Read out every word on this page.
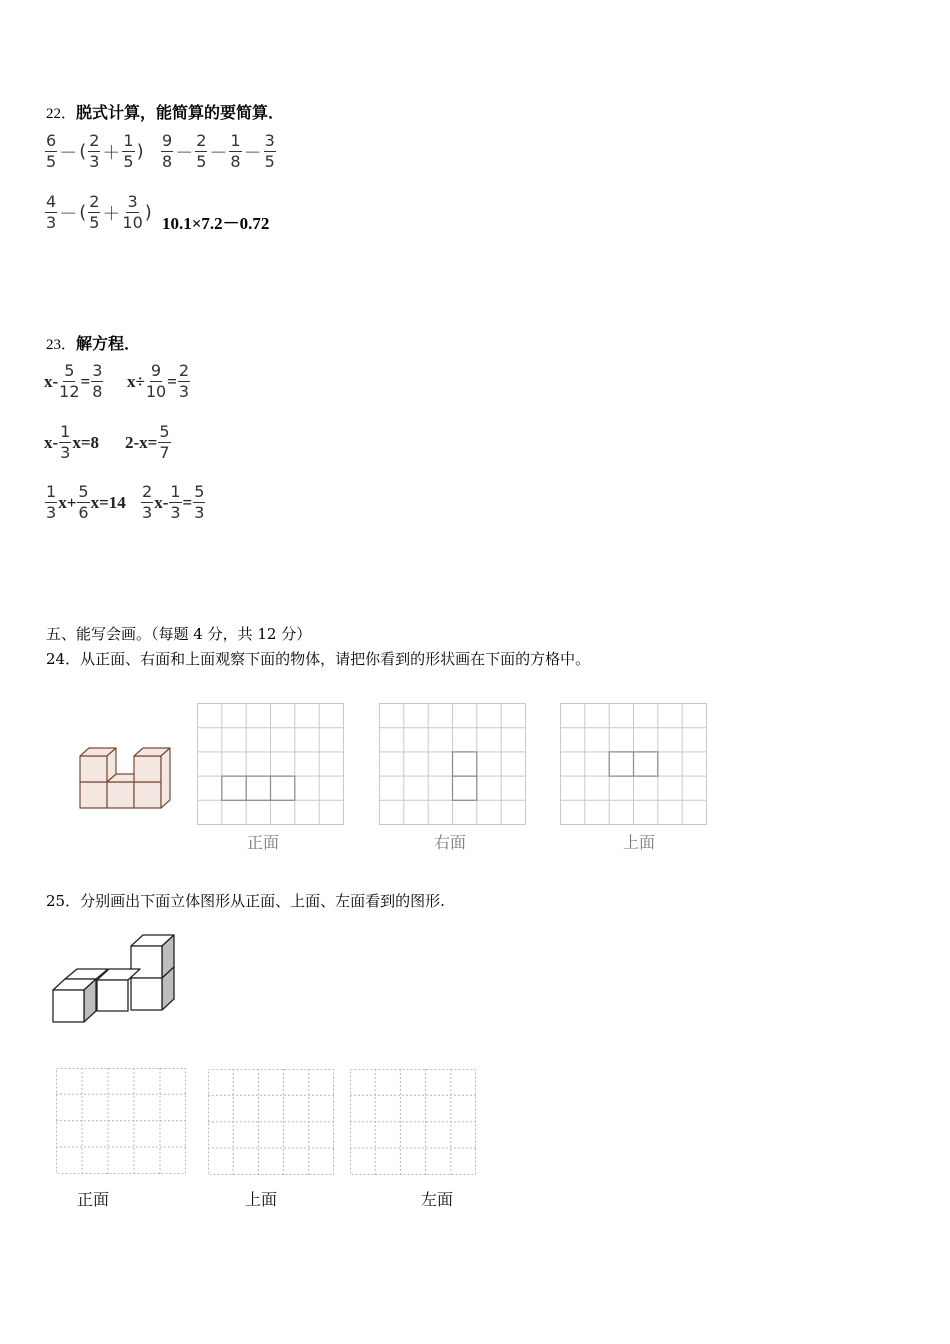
22．脱式计算，能简算的要简算．
$\frac{6}{5}$ － ( $\frac{2}{3} + \frac{1}{5}$ ) $\frac{9}{8} - \frac{2}{5} - \frac{1}{8} - \frac{3}{5}$
$\frac{4}{3}$ － ( $\frac{2}{5} + \frac{3}{10}$ )
10.1×7.2－0.72
23．解方程．
$x- \frac{5}{12} = \frac{3}{8} x\div \frac{9}{10} = \frac{2}{3}$
$x- \frac{1}{3} x=8$ $2-x= \frac{5}{7}$
$\frac{1}{3} x+ \frac{5}{6} x=14 \frac{2}{3} x- \frac{1}{3} = \frac{5}{3}$
五、能写会画。（每题 4 分，共 12 分）
24．从正面、右面和上面观察下面的物体，请把你看到的形状画在下面的方格中。
正面	右面	上面
25．分别画出下面立体图形从正面、上面、左面看到的图形.
正面	上面	左面
